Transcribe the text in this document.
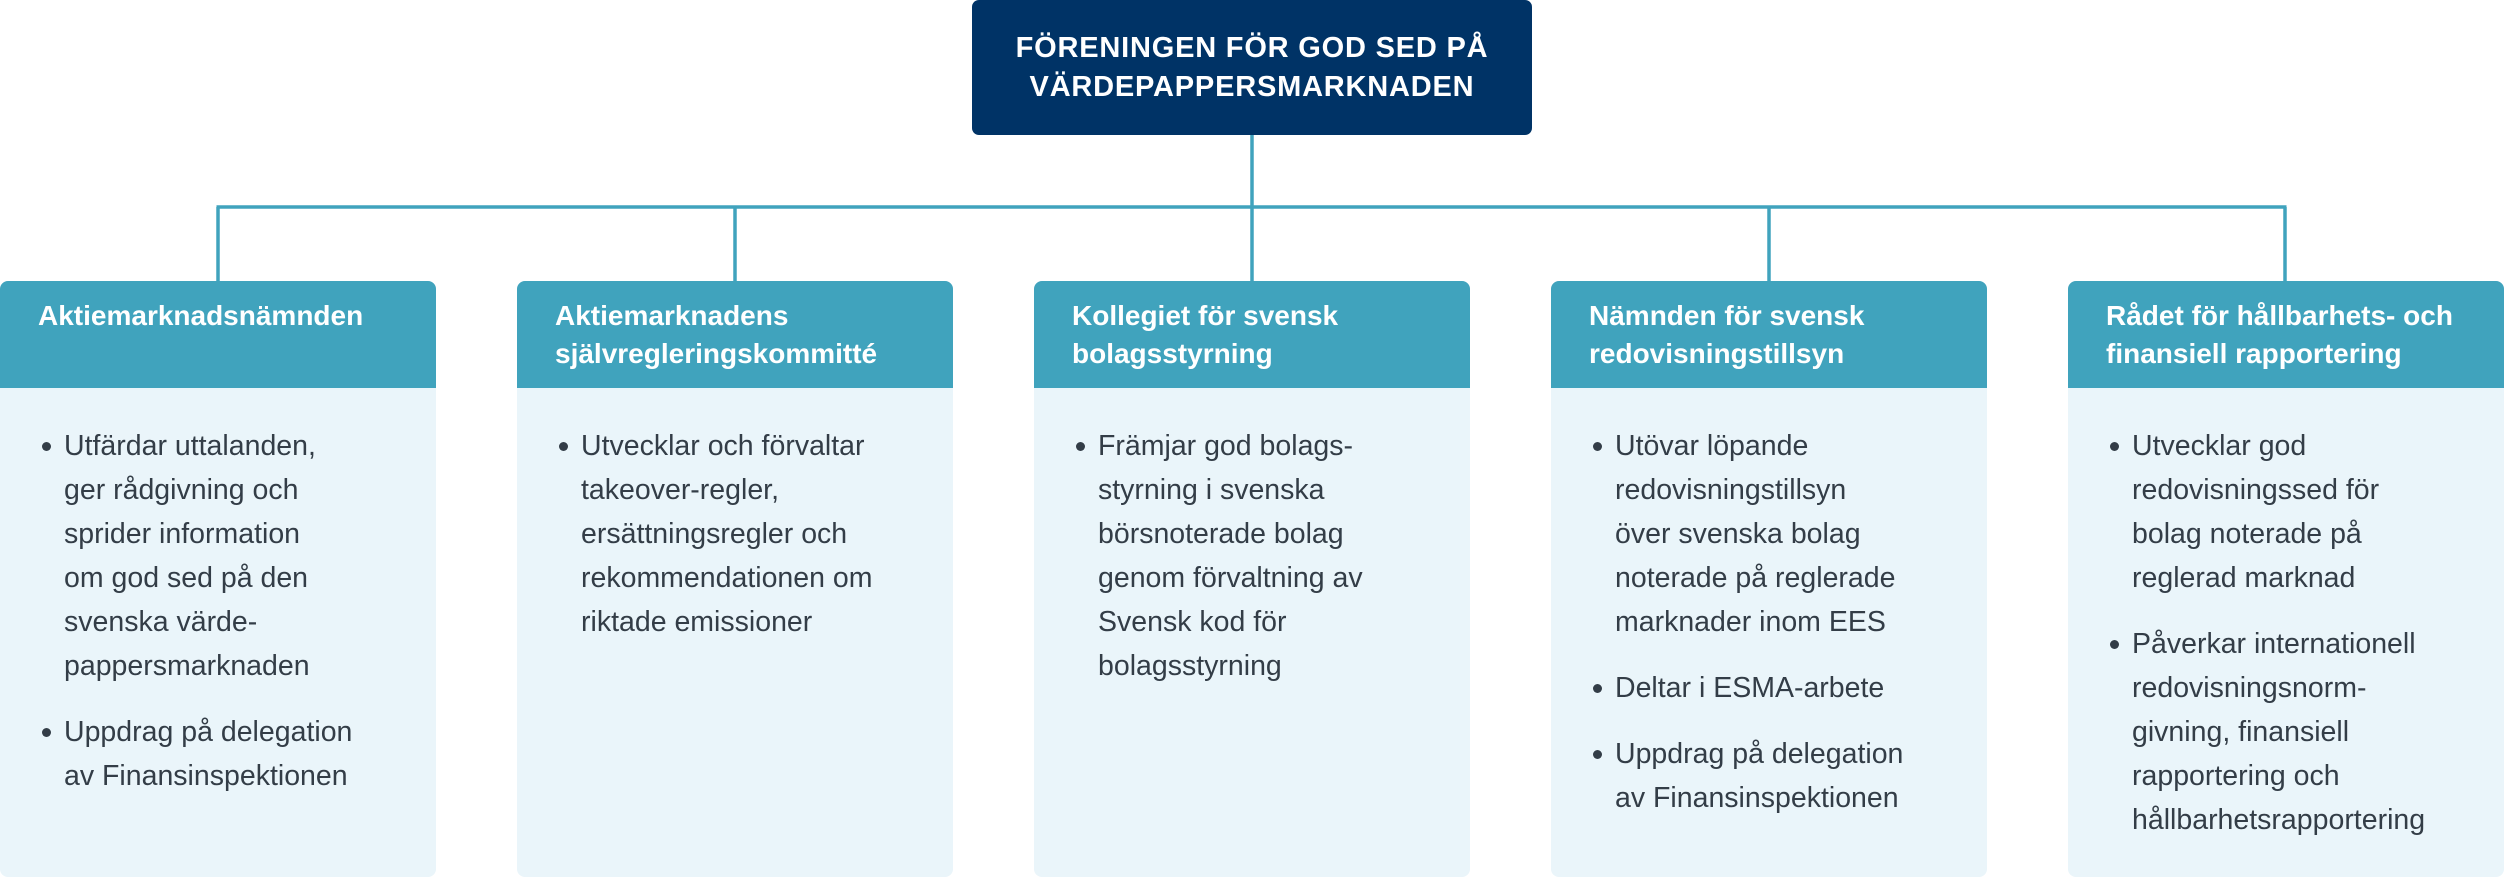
FÖRENINGEN FÖR GOD SED PÅ
VÄRDEPAPPERSMARKNADEN
Aktiemarknadsnämnden
Utfärdar uttalanden,
ger rådgivning och
sprider information
om god sed på den
svenska värde-
pappersmarknaden
Uppdrag på delegation
av Finansinspektionen
Aktiemarknadens
självregleringskommitté
Utvecklar och förvaltar
takeover-regler,
ersättningsregler och
rekommendationen om
riktade emissioner
Kollegiet för svensk
bolagsstyrning
Främjar god bolags-
styrning i svenska
börsnoterade bolag
genom förvaltning av
Svensk kod för
bolagsstyrning
Nämnden för svensk
redovisningstillsyn
Utövar löpande
redovisningstillsyn
över svenska bolag
noterade på reglerade
marknader inom EES
Deltar i ESMA-arbete
Uppdrag på delegation
av Finansinspektionen
Rådet för hållbarhets- och
finansiell rapportering
Utvecklar god
redovisningssed för
bolag noterade på
reglerad marknad
Påverkar internationell
redovisningsnorm-
givning, finansiell
rapportering och
hållbarhetsrapportering
